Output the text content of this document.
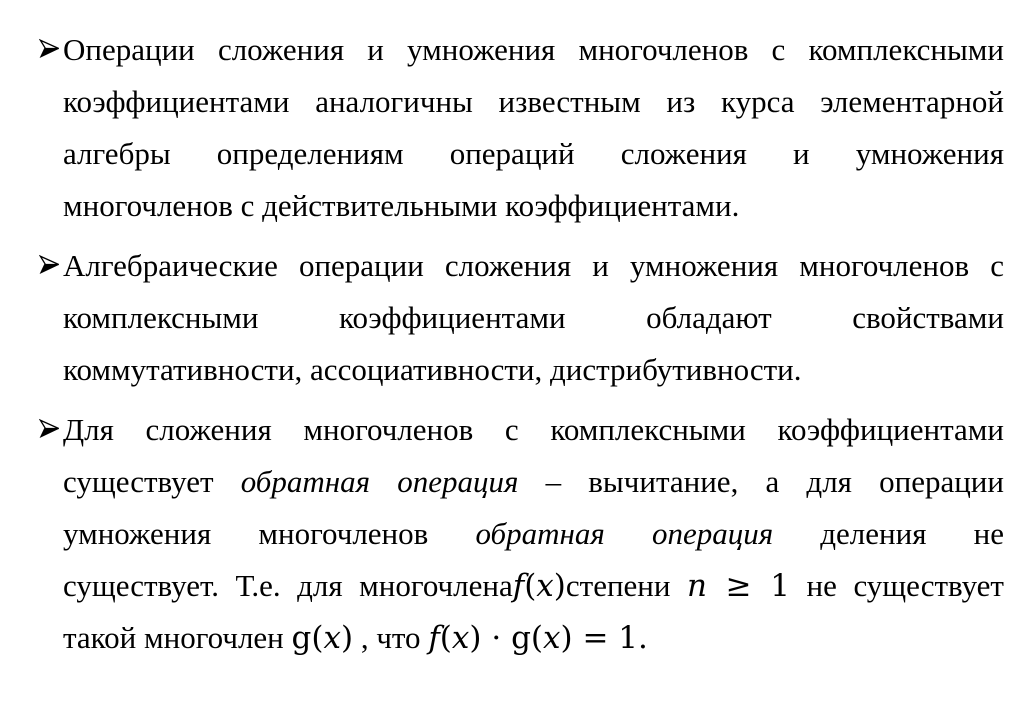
Операции сложения и умножения многочленов с комплексными
коэффициентами аналогичны известным из курса элементарной
алгебры определениям операций сложения и умножения
многочленов с действительными коэффициентами.
Алгебраические операции сложения и умножения многочленов с
комплексными коэффициентами обладают свойствами
коммутативности, ассоциативности, дистрибутивности.
Для сложения многочленов с комплексными коэффициентами
существует обратная операция – вычитание, а для операции
умножения многочленов обратная операция деления не
существует. Т.е. для многочленаf(x)степени n ≥ 1 не существует
такой многочлен g(x) , что f(x) · g(x) = 1.
